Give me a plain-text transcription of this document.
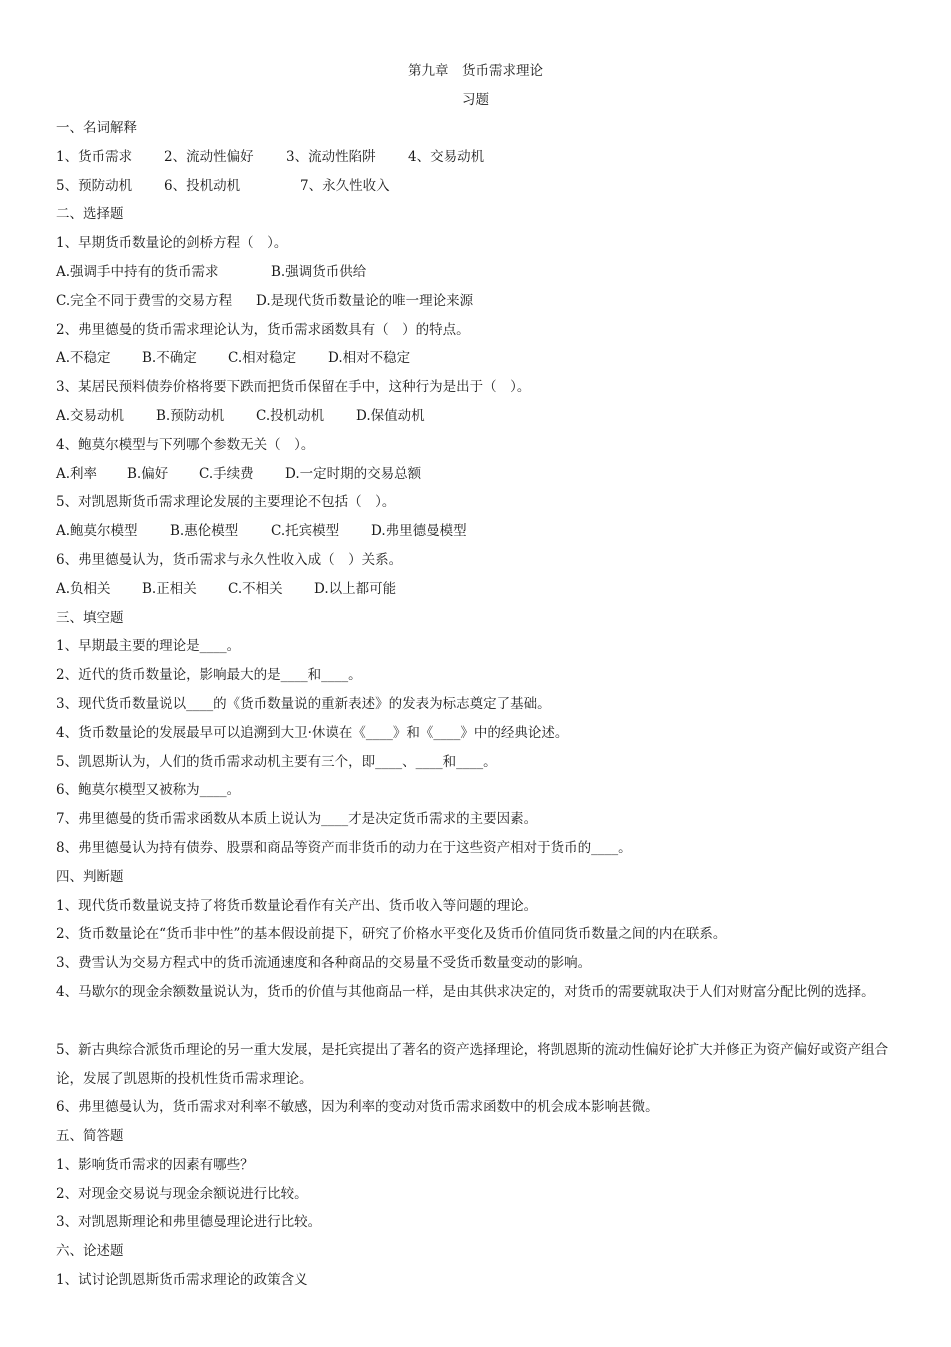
第九章　货币需求理论
习题
一、名词解释
1、货币需求 2、流动性偏好 3、流动性陷阱 4、交易动机
5、预防动机 6、投机动机	7、永久性收入
二、选择题
1、早期货币数量论的剑桥方程（　）。
A.强调手中持有的货币需求	B.强调货币供给
C.完全不同于费雪的交易方程 D.是现代货币数量论的唯一理论来源
2、弗里德曼的货币需求理论认为，货币需求函数具有（　）的特点。
A.不稳定 B.不确定 C.相对稳定 D.相对不稳定
3、某居民预料债券价格将要下跌而把货币保留在手中，这种行为是出于（　）。
A.交易动机 B.预防动机 C.投机动机 D.保值动机
4、鲍莫尔模型与下列哪个参数无关（　）。
A.利率 B.偏好 C.手续费 D.一定时期的交易总额
5、对凯恩斯货币需求理论发展的主要理论不包括（　）。
A.鲍莫尔模型 B.惠伦模型 C.托宾模型 D.弗里德曼模型
6、弗里德曼认为，货币需求与永久性收入成（　）关系。
A.负相关 B.正相关 C.不相关 D.以上都可能
三、填空题
1、早期最主要的理论是____。
2、近代的货币数量论，影响最大的是____和____。
3、现代货币数量说以____的《货币数量说的重新表述》的发表为标志奠定了基础。
4、货币数量论的发展最早可以追溯到大卫·休谟在《____》和《____》中的经典论述。
5、凯恩斯认为，人们的货币需求动机主要有三个，即____、____和____。
6、鲍莫尔模型又被称为____。
7、弗里德曼的货币需求函数从本质上说认为____才是决定货币需求的主要因素。
8、弗里德曼认为持有债券、股票和商品等资产而非货币的动力在于这些资产相对于货币的____。
四、判断题
1、现代货币数量说支持了将货币数量论看作有关产出、货币收入等问题的理论。
2、货币数量论在“货币非中性”的基本假设前提下，研究了价格水平变化及货币价值同货币数量之间的内在联系。
3、费雪认为交易方程式中的货币流通速度和各种商品的交易量不受货币数量变动的影响。
4、马歇尔的现金余额数量说认为，货币的价值与其他商品一样，是由其供求决定的，对货币的需要就取决于人们对财富分配比例的选择。
5、新古典综合派货币理论的另一重大发展，是托宾提出了著名的资产选择理论，将凯恩斯的流动性偏好论扩大并修正为资产偏好或资产组合论，发展了凯恩斯的投机性货币需求理论。
6、弗里德曼认为，货币需求对利率不敏感，因为利率的变动对货币需求函数中的机会成本影响甚微。
五、简答题
1、影响货币需求的因素有哪些？
2、对现金交易说与现金余额说进行比较。
3、对凯恩斯理论和弗里德曼理论进行比较。
六、论述题
1、试讨论凯恩斯货币需求理论的政策含义
